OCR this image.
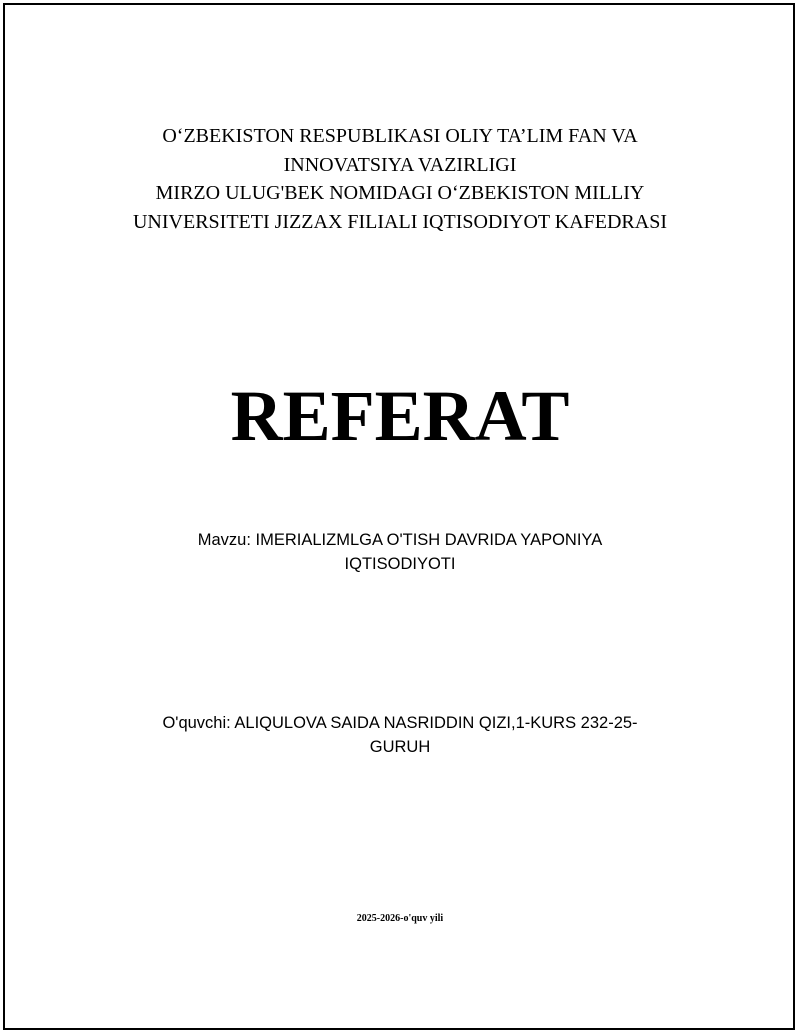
O‘ZBEKISTON RESPUBLIKASI OLIY TA’LIM FAN VA
INNOVATSIYA VAZIRLIGI
MIRZO ULUG'BEK NOMIDAGI O‘ZBEKISTON MILLIY
UNIVERSITETI JIZZAX FILIALI IQTISODIYOT KAFEDRASI
REFERAT
Mavzu: IMERIALIZMLGA O'TISH DAVRIDA YAPONIYA
IQTISODIYOTI
O'quvchi: ALIQULOVA SAIDA NASRIDDIN QIZI,1-KURS 232-25-
GURUH
2025-2026-o'quv yili
